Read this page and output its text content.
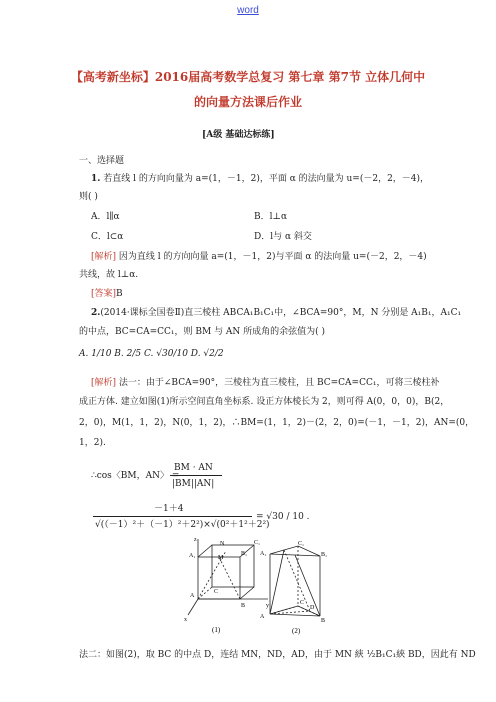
word
【高考新坐标】2016届高考数学总复习 第七章 第7节 立体几何中
的向量方法课后作业
[A级 基础达标练]
一、选择题
1. 若直线 l 的方向向量为 a=(1，－1，2)，平面 α 的法向量为 u=(－2，2，－4)，
则( )
A．l∥α	B．l⊥α
C．l⊂α	D．l与 α 斜交
[解析] 因为直线 l 的方向向量 a=(1，－1，2)与平面 α 的法向量 u=(－2，2，－4)
共线，故 l⊥α.
[答案]B
2.(2014·课标全国卷Ⅱ)直三棱柱 ABCA₁B₁C₁中，∠BCA=90°，M，N 分别是 A₁B₁，A₁C₁
的中点，BC=CA=CC₁，则 BM 与 AN 所成角的余弦值为( )
A. 1/10 B. 2/5 C. √30/10 D. √2/2
[解析] 法一：由于∠BCA=90°，三棱柱为直三棱柱，且 BC=CA=CC₁，可将三棱柱补
成正方体. 建立如图(1)所示空间直角坐标系. 设正方体棱长为 2，则可得 A(0，0，0)，B(2，
2，0)，M(1，1，2)，N(0，1，2)，∴BM=(1，1，2)－(2，2，0)=(－1，－1，2)，AN=(0，
1，2).
∴cos〈BM，AN〉 =
BM · AN
|BM||AN|
－1＋4
√(（－1）²＋（－1）²＋2²)×√(0²＋1²＋2²)
= √30 / 10 .
z
A₁
N	C₁
M
B₁
A
C
B
x
y
(1)
C₁
A₁	B₁
C
A
D
B
(2)
法二：如图(2)，取 BC 的中点 D，连结 MN，ND，AD，由于 MN 綊 ½B₁C₁綊 BD，因此有 ND
